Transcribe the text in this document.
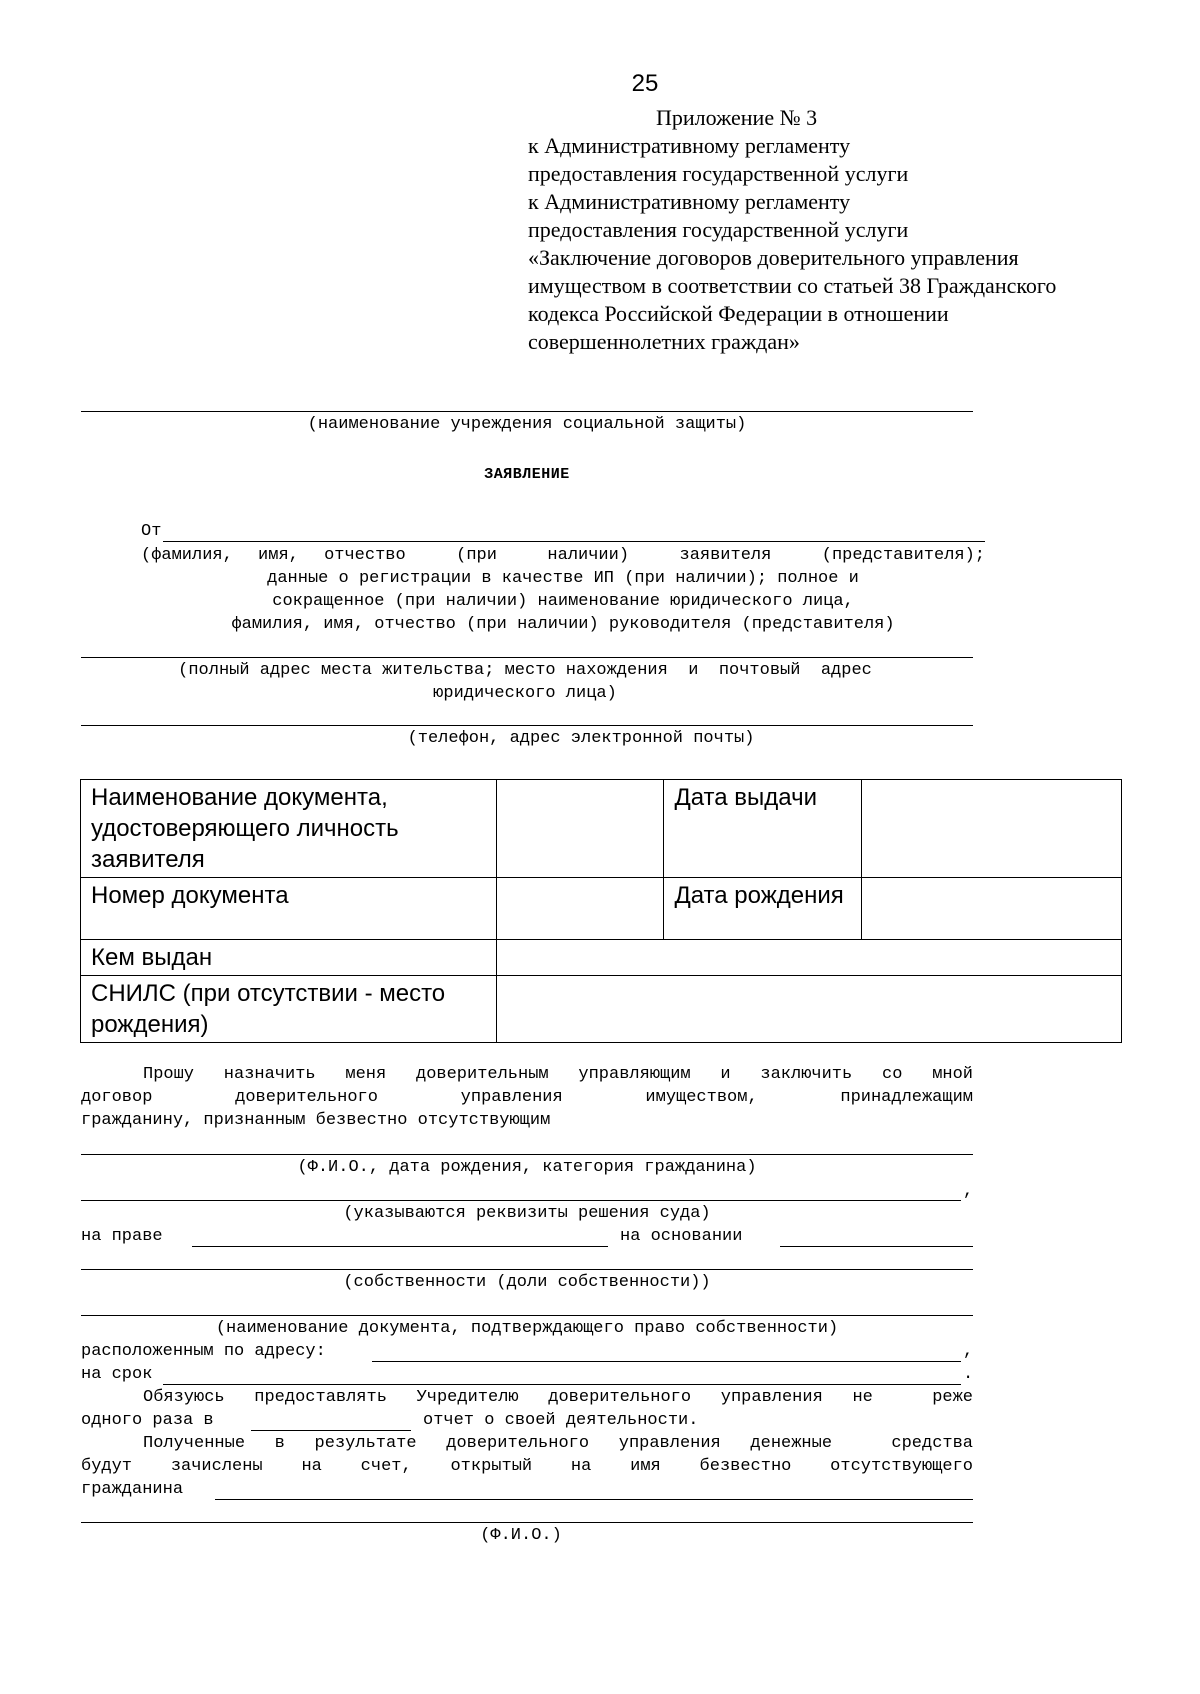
25
Приложение № 3
к Административному регламенту
предоставления государственной услуги
к Административному регламенту
предоставления государственной услуги
«Заключение договоров доверительного управления
имуществом в соответствии со статьей 38 Гражданского
кодекса Российской Федерации в отношении
совершеннолетних граждан»
(наименование учреждения социальной защиты)
ЗАЯВЛЕНИЕ
От
(фамилия, имя, отчество  (при  наличии)  заявителя  (представителя);
данные о регистрации в качестве ИП (при наличии); полное и
сокращенное (при наличии) наименование юридического лица,
фамилия, имя, отчество (при наличии) руководителя (представителя)
(полный адрес места жительства; место нахождения  и  почтовый  адрес
юридического лица)
(телефон, адрес электронной почты)
Наименование документа, удостоверяющего личность заявителя		Дата выдачи	
Номер документа		Дата рождения	
Кем выдан			
СНИЛС (при отсутствии - место рождения)			
Прошу назначить меня доверительным управляющим и заключить со мной
договор доверительного управления имуществом, принадлежащим
гражданину, признанным безвестно отсутствующим
(Ф.И.О., дата рождения, категория гражданина)
,
(указываются реквизиты решения суда)
на праве	на основании
(собственности (доли собственности))
(наименование документа, подтверждающего право собственности)
расположенным по адресу:	,
на срок	.
Обязуюсь предоставлять Учредителю доверительного управления не  реже
одного раза в	отчет о своей деятельности.
Полученные в результате доверительного управления денежные  средства
будут  зачислены  на  счет,  открытый  на  имя  безвестно  отсутствующего
гражданина
(Ф.И.О.)
